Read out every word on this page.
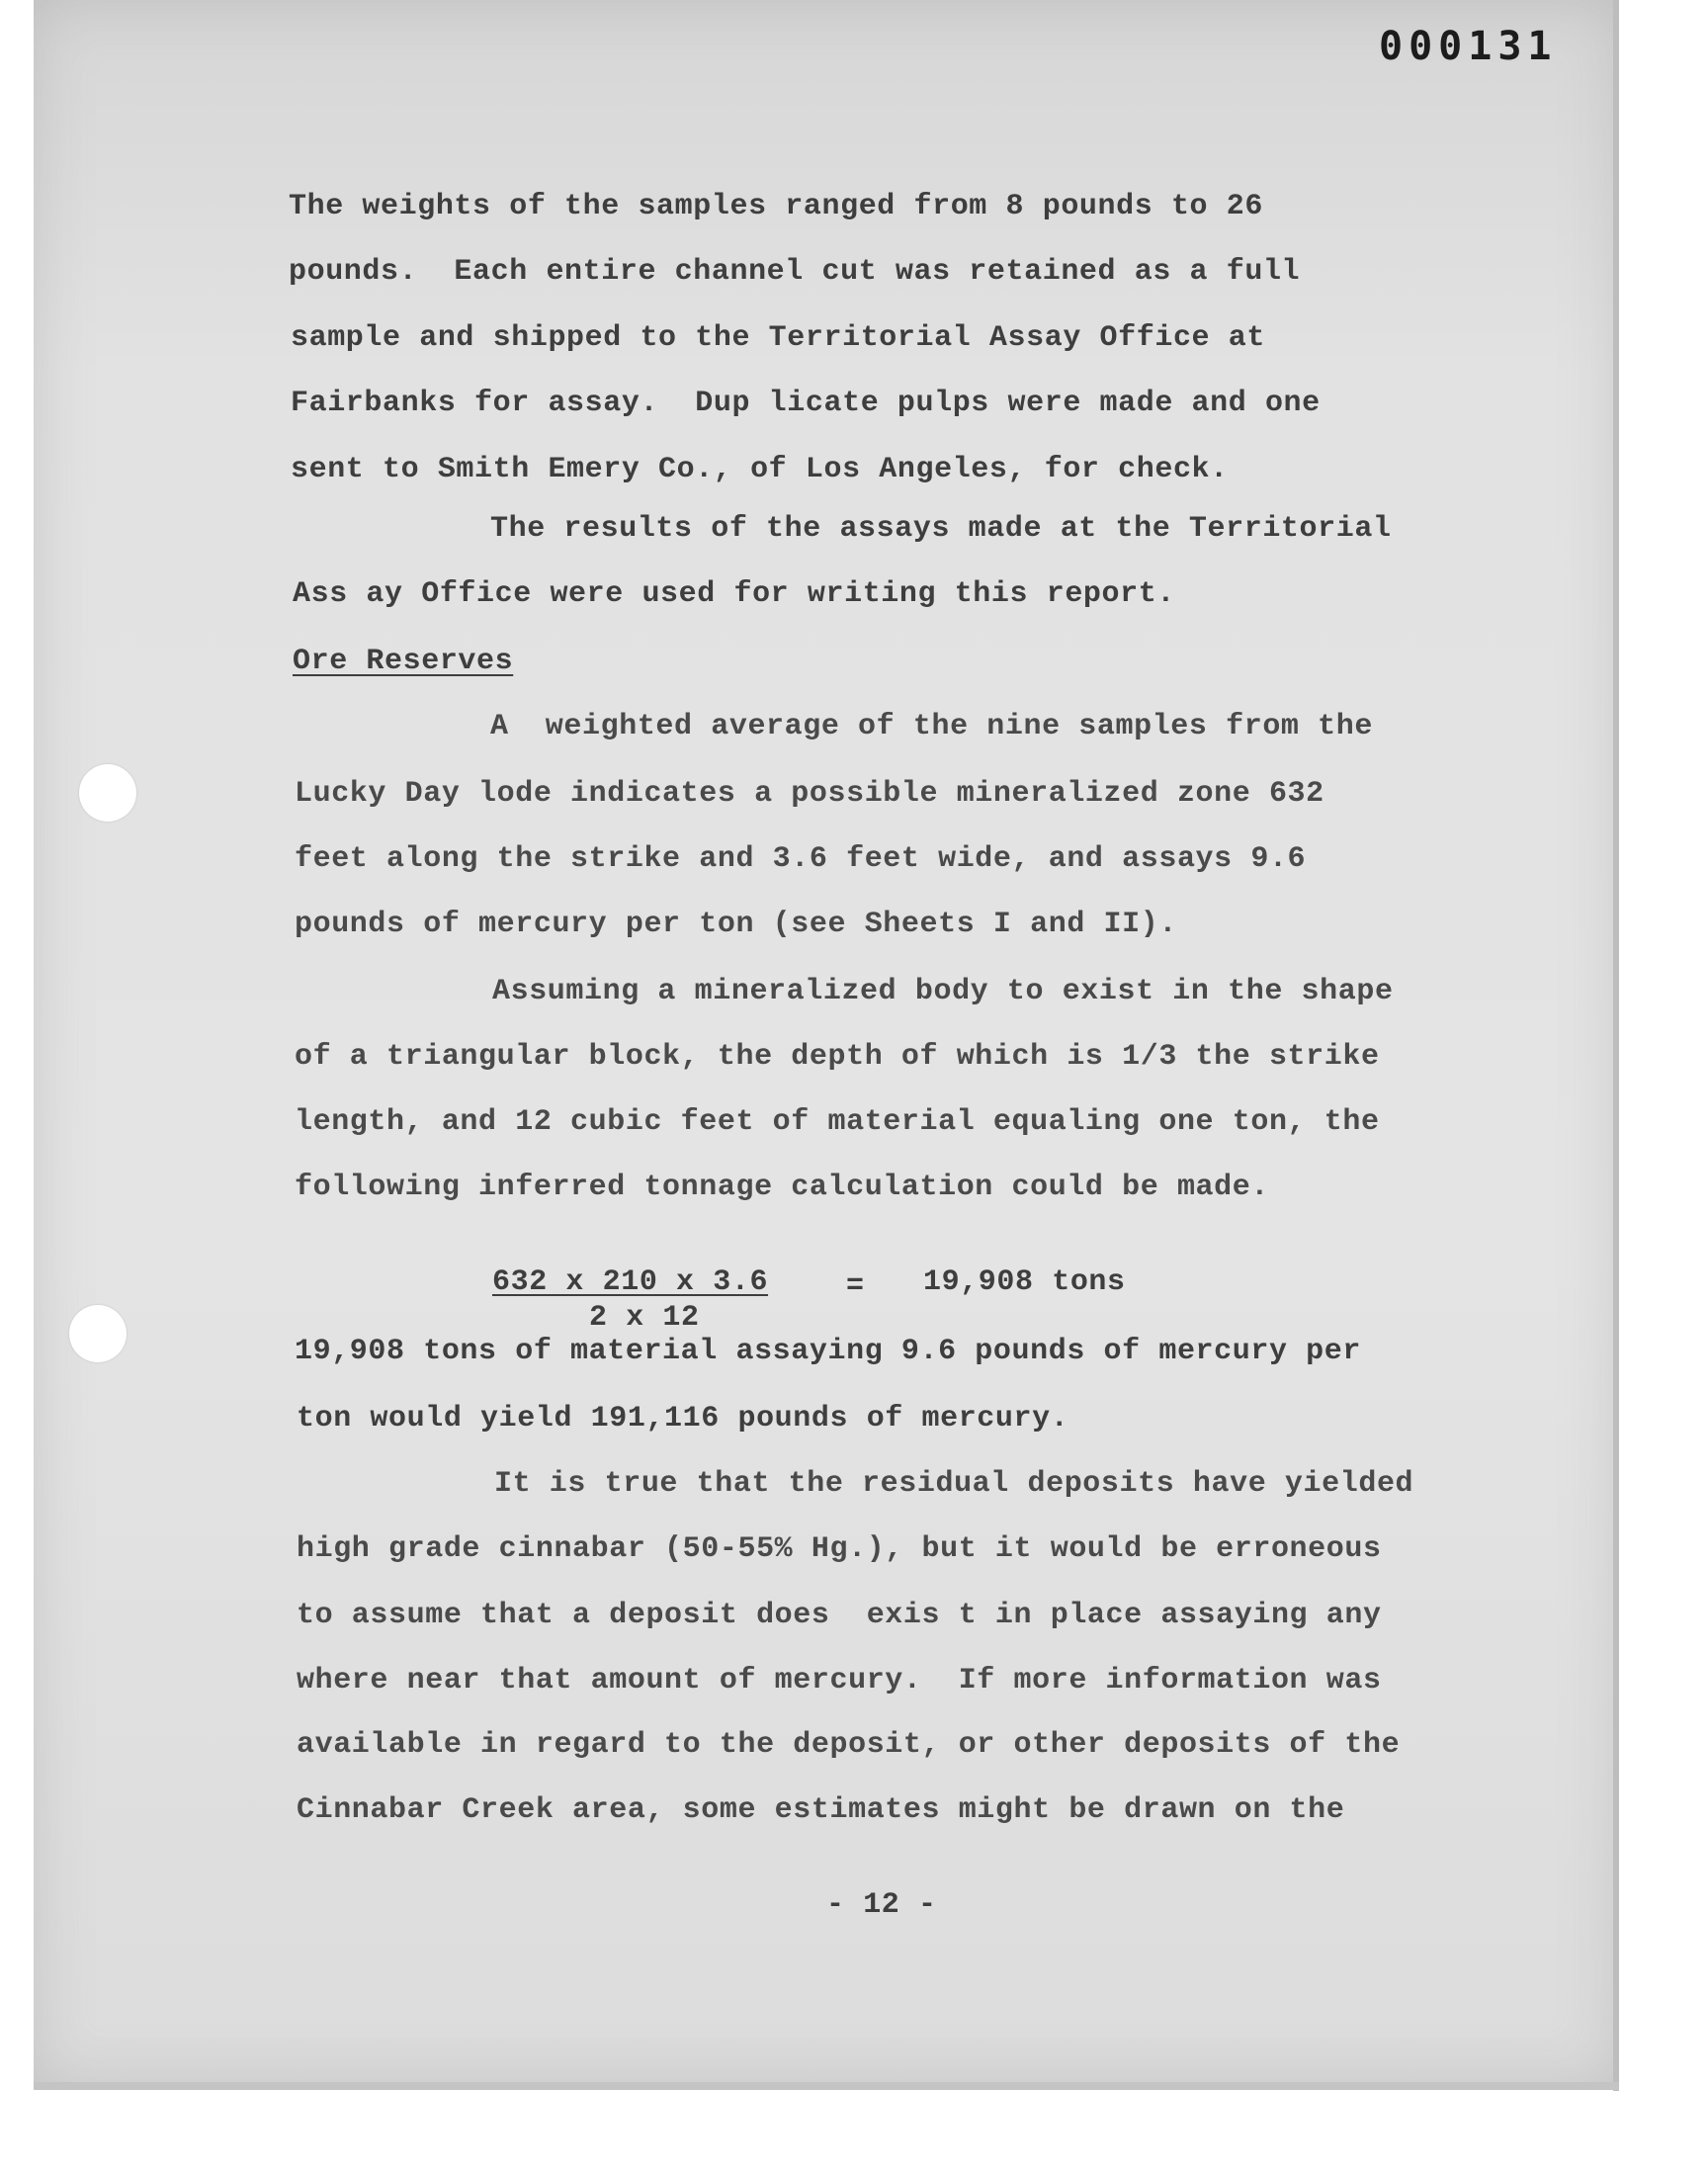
000131
The weights of the samples ranged from 8 pounds to 26
pounds.  Each entire channel cut was retained as a full
sample and shipped to the Territorial Assay Office at
Fairbanks for assay.  Dup licate pulps were made and one
sent to Smith Emery Co., of Los Angeles, for check.
The results of the assays made at the Territorial
Ass ay Office were used for writing this report.
Ore Reserves
A  weighted average of the nine samples from the
Lucky Day lode indicates a possible mineralized zone 632
feet along the strike and 3.6 feet wide, and assays 9.6
pounds of mercury per ton (see Sheets I and II).
Assuming a mineralized body to exist in the shape
of a triangular block, the depth of which is 1/3 the strike
length, and 12 cubic feet of material equaling one ton, the
following inferred tonnage calculation could be made.
632 x 210 x 3.6
2 x 12
= 19,908 tons
19,908 tons of material assaying 9.6 pounds of mercury per
ton would yield 191,116 pounds of mercury.
It is true that the residual deposits have yielded
high grade cinnabar (50-55% Hg.), but it would be erroneous
to assume that a deposit does  exis t in place assaying any
where near that amount of mercury.  If more information was
available in regard to the deposit, or other deposits of the
Cinnabar Creek area, some estimates might be drawn on the
- 12 -
